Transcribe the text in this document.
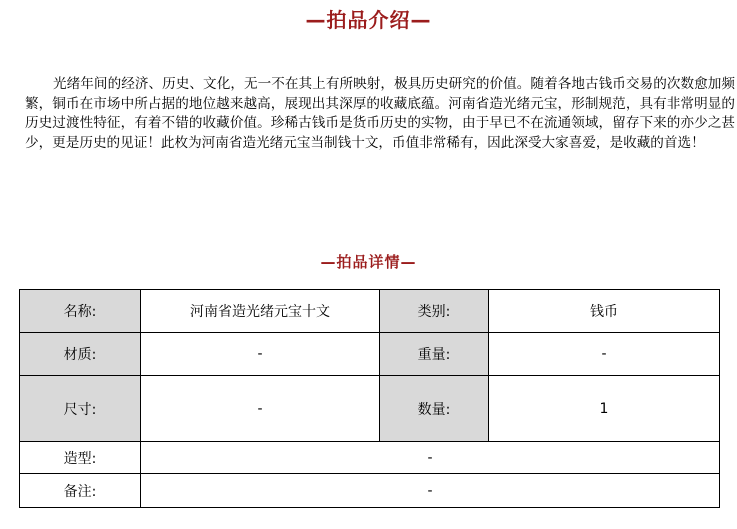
—拍品介绍—

光绪年间的经济、历史、文化，无一不在其上有所映射，极具历史研究的价值。随着各地古钱币交易的次数愈加频繁，铜币在市场中所占据的地位越来越高，展现出其深厚的收藏底蕴。河南省造光绪元宝，形制规范，具有非常明显的历史过渡性特征，有着不错的收藏价值。珍稀古钱币是货币历史的实物，由于早已不在流通领域，留存下来的亦少之甚少，更是历史的见证！此枚为河南省造光绪元宝当制钱十文，币值非常稀有，因此深受大家喜爱，是收藏的首选！

—拍品详情—
名称:	河南省造光绪元宝十文	类别:	钱币
材质:	-	重量:	-
尺寸:	-	数量:	1
造型:	-		
备注:	-		
